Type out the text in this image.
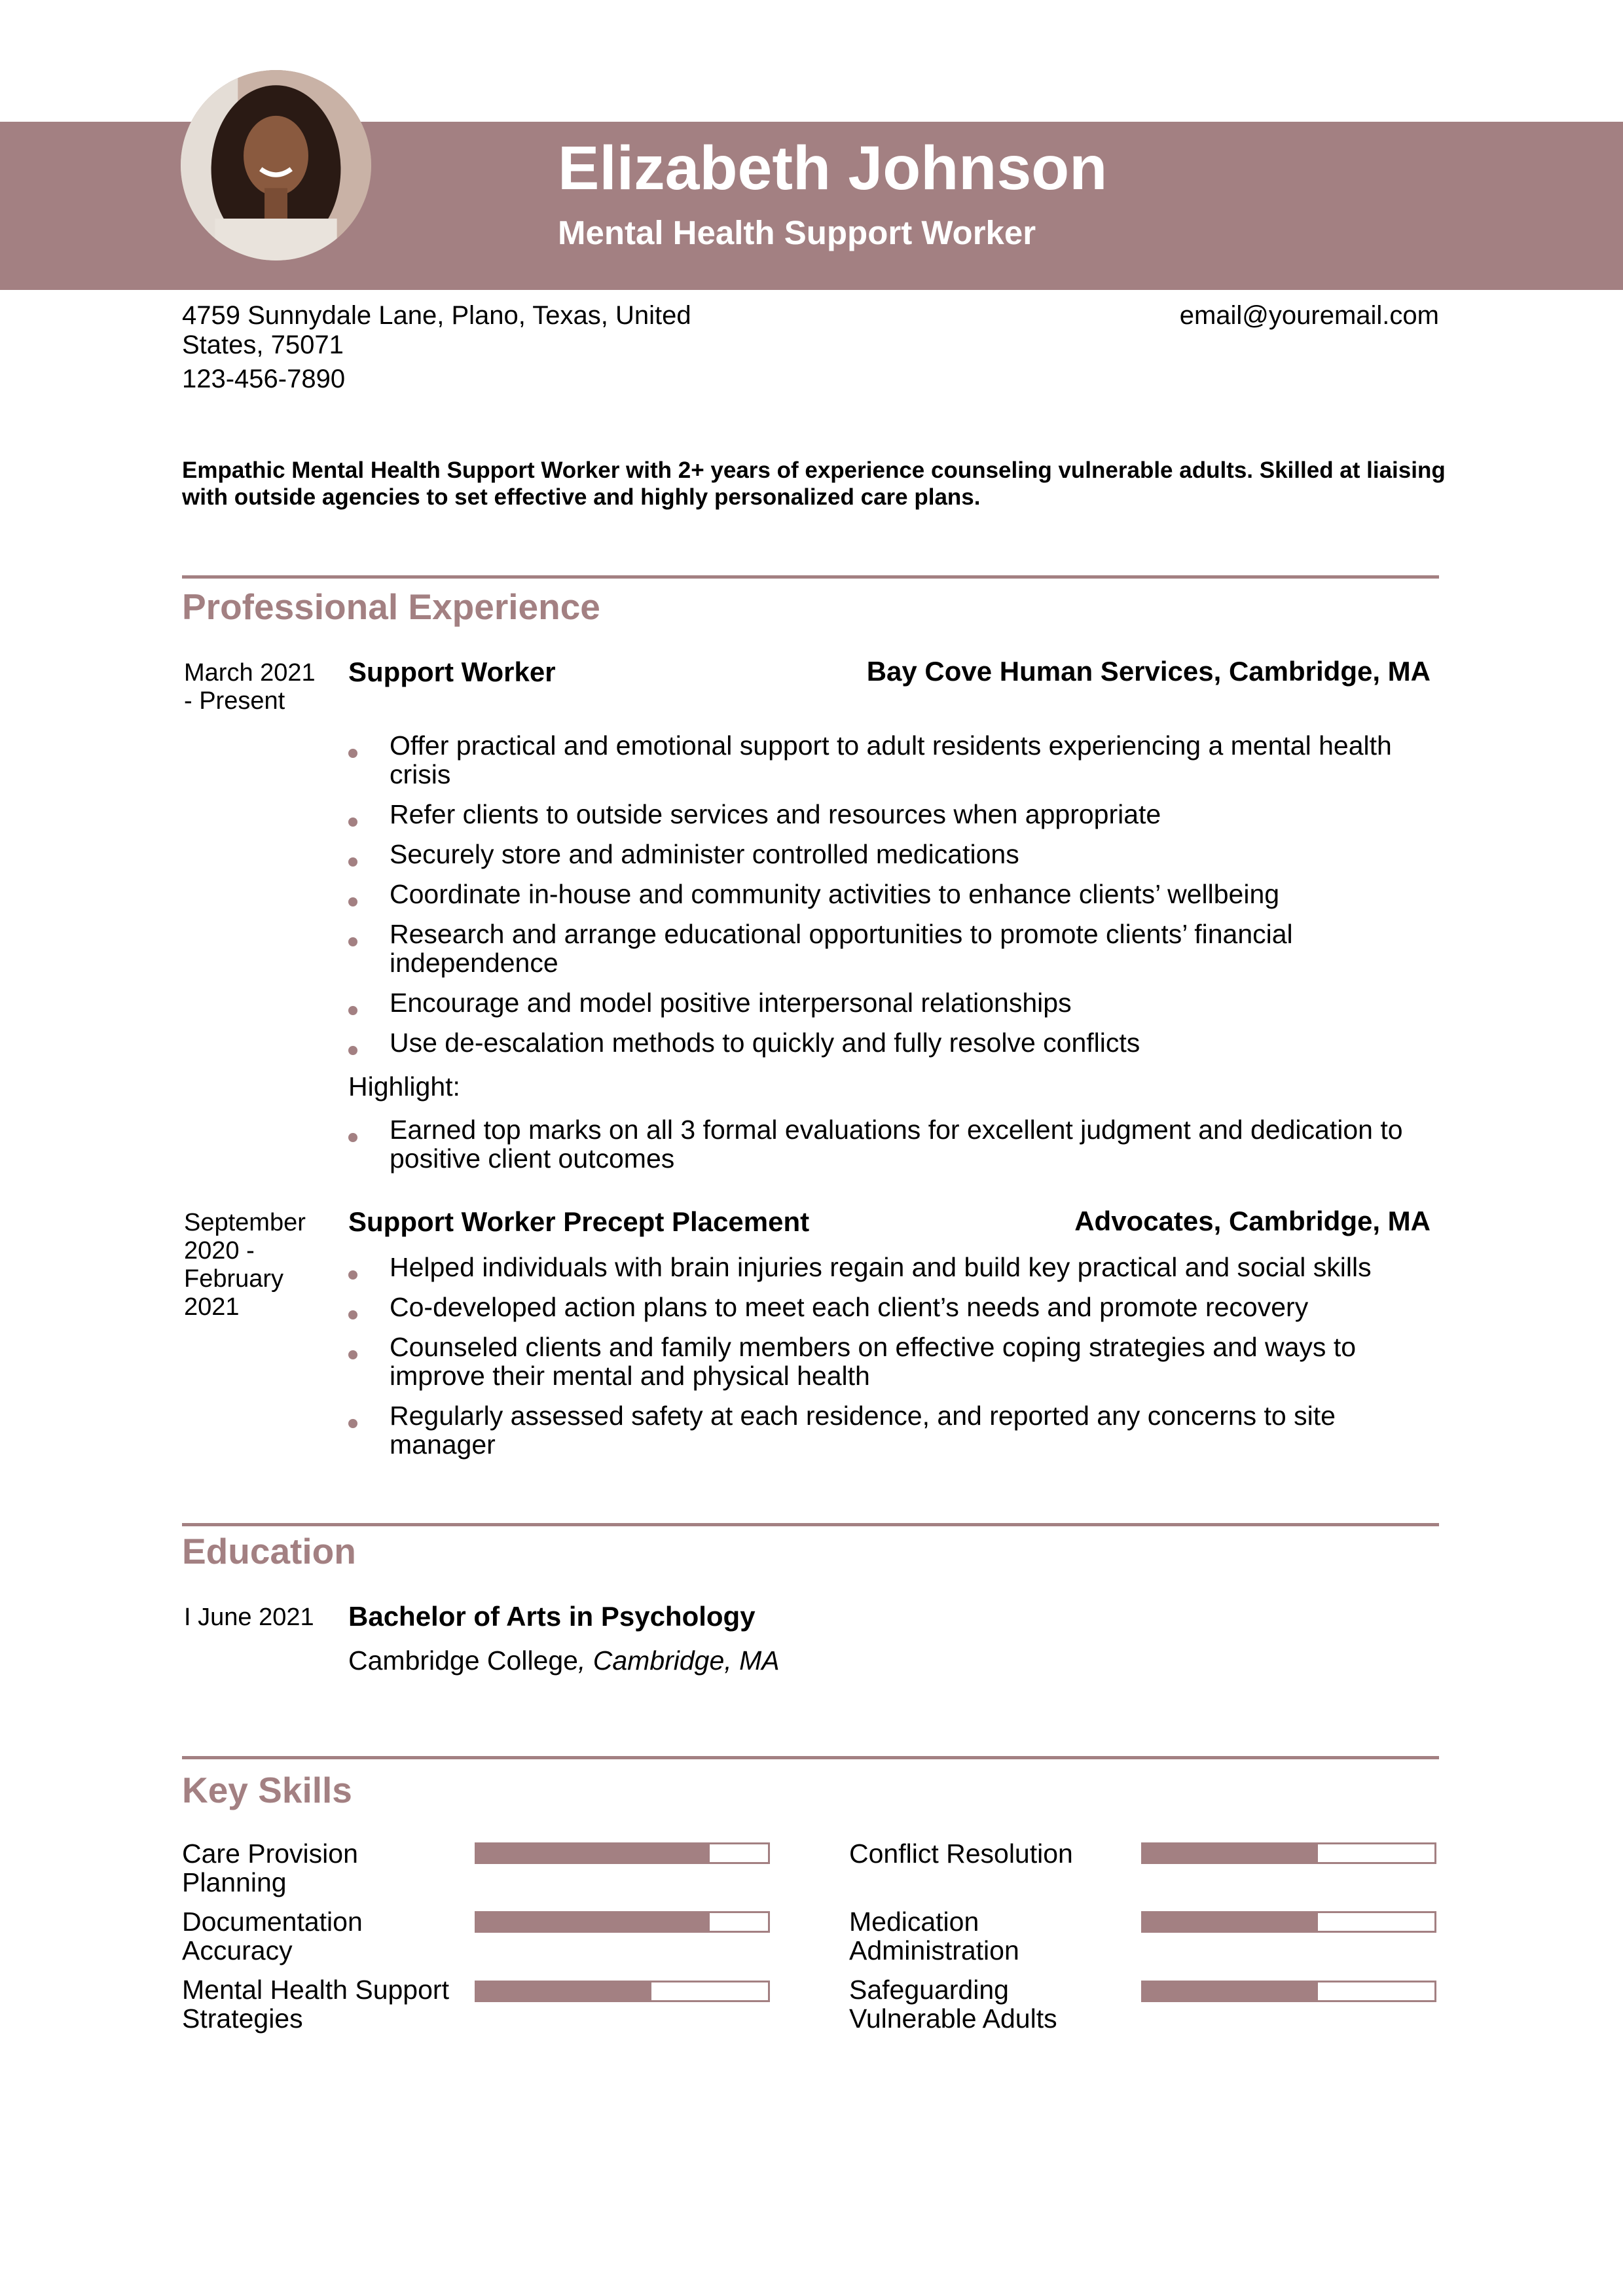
Elizabeth Johnson
Mental Health Support Worker
4759 Sunnydale Lane, Plano, Texas, United States, 75071
123-456-7890
email@youremail.com
Empathic Mental Health Support Worker with 2+ years of experience counseling vulnerable adults. Skilled at liaising with outside agencies to set effective and highly personalized care plans.
Professional Experience
March 2021 - Present
Support Worker	Bay Cove Human Services, Cambridge, MA
Offer practical and emotional support to adult residents experiencing a mental health crisis
Refer clients to outside services and resources when appropriate
Securely store and administer controlled medications
Coordinate in-house and community activities to enhance clients’ wellbeing
Research and arrange educational opportunities to promote clients’ financial independence
Encourage and model positive interpersonal relationships
Use de-escalation methods to quickly and fully resolve conflicts
Highlight:
Earned top marks on all 3 formal evaluations for excellent judgment and dedication to positive client outcomes
September 2020 - February 2021
Support Worker Precept Placement	Advocates, Cambridge, MA
Helped individuals with brain injuries regain and build key practical and social skills
Co-developed action plans to meet each client’s needs and promote recovery
Counseled clients and family members on effective coping strategies and ways to improve their mental and physical health
Regularly assessed safety at each residence, and reported any concerns to site manager
Education
I June 2021	Bachelor of Arts in Psychology
Cambridge College, Cambridge, MA
Key Skills
Care Provision Planning
Conflict Resolution
Documentation Accuracy
Medication Administration
Mental Health Support Strategies
Safeguarding Vulnerable Adults
